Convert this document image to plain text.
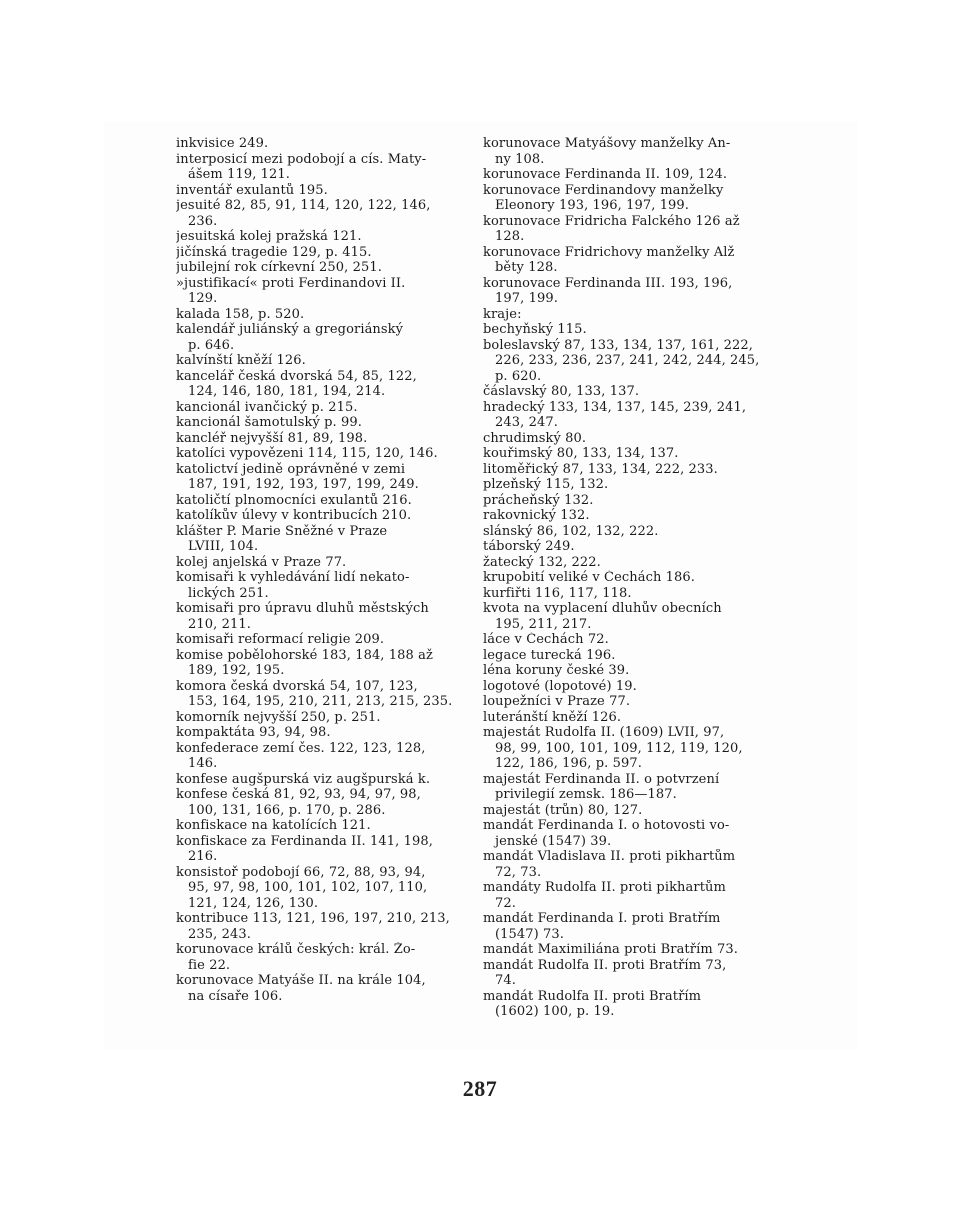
inkvisice 249.
interposicí mezi podobojí a cís. Maty-
ášem 119, 121.
inventář exulantů 195.
jesuité 82, 85, 91, 114, 120, 122, 146,
236.
jesuitská kolej pražská 121.
jičínská tragedie 129, p. 415.
jubilejní rok církevní 250, 251.
»justifikací« proti Ferdinandovi II.
129.
kalada 158, p. 520.
kalendář juliánský a gregoriánský
p. 646.
kalvínští kněží 126.
kancelář česká dvorská 54, 85, 122,
124, 146, 180, 181, 194, 214.
kancionál ivančický p. 215.
kancionál šamotulský p. 99.
kancléř nejvyšší 81, 89, 198.
katolíci vypovězeni 114, 115, 120, 146.
katolictví jedině oprávněné v zemi
187, 191, 192, 193, 197, 199, 249.
katoličtí plnomocníci exulantů 216.
katolíkův úlevy v kontribucích 210.
klášter P. Marie Sněžné v Praze
LVIII, 104.
kolej anjelská v Praze 77.
komisaři k vyhledávání lidí nekato-
lických 251.
komisaři pro úpravu dluhů městských
210, 211.
komisaři reformací religie 209.
komise pobělohorské 183, 184, 188 až
189, 192, 195.
komora česká dvorská 54, 107, 123,
153, 164, 195, 210, 211, 213, 215, 235.
komorník nejvyšší 250, p. 251.
kompaktáta 93, 94, 98.
konfederace zemí čes. 122, 123, 128,
146.
konfese augšpurská viz augšpurská k.
konfese česká 81, 92, 93, 94, 97, 98,
100, 131, 166, p. 170, p. 286.
konfiskace na katolících 121.
konfiskace za Ferdinanda II. 141, 198,
216.
konsistoř podobojí 66, 72, 88, 93, 94,
95, 97, 98, 100, 101, 102, 107, 110,
121, 124, 126, 130.
kontribuce 113, 121, 196, 197, 210, 213,
235, 243.
korunovace králů českých: král. Žo-
fie 22.
korunovace Matyáše II. na krále 104,
na císaře 106.
korunovace Matyášovy manželky An-
ny 108.
korunovace Ferdinanda II. 109, 124.
korunovace Ferdinandovy manželky
Eleonory 193, 196, 197, 199.
korunovace Fridricha Falckého 126 až
128.
korunovace Fridrichovy manželky Alž
běty 128.
korunovace Ferdinanda III. 193, 196,
197, 199.
kraje:
bechyňský 115.
boleslavský 87, 133, 134, 137, 161, 222,
226, 233, 236, 237, 241, 242, 244, 245,
p. 620.
čáslavský 80, 133, 137.
hradecký 133, 134, 137, 145, 239, 241,
243, 247.
chrudimský 80.
kouřimský 80, 133, 134, 137.
litoměřický 87, 133, 134, 222, 233.
plzeňský 115, 132.
prácheňský 132.
rakovnický 132.
slánský 86, 102, 132, 222.
táborský 249.
žatecký 132, 222.
krupobití veliké v Čechách 186.
kurfiřti 116, 117, 118.
kvota na vyplacení dluhův obecních
195, 211, 217.
láce v Čechách 72.
legace turecká 196.
léna koruny české 39.
logotové (lopotové) 19.
loupežníci v Praze 77.
luteránští kněží 126.
majestát Rudolfa II. (1609) LVII, 97,
98, 99, 100, 101, 109, 112, 119, 120,
122, 186, 196, p. 597.
majestát Ferdinanda II. o potvrzení
privilegií zemsk. 186—187.
majestát (trůn) 80, 127.
mandát Ferdinanda I. o hotovosti vo-
jenské (1547) 39.
mandát Vladislava II. proti pikhartům
72, 73.
mandáty Rudolfa II. proti pikhartům
72.
mandát Ferdinanda I. proti Bratřím
(1547) 73.
mandát Maximiliána proti Bratřím 73.
mandát Rudolfa II. proti Bratřím 73,
74.
mandát Rudolfa II. proti Bratřím
(1602) 100, p. 19.
287
